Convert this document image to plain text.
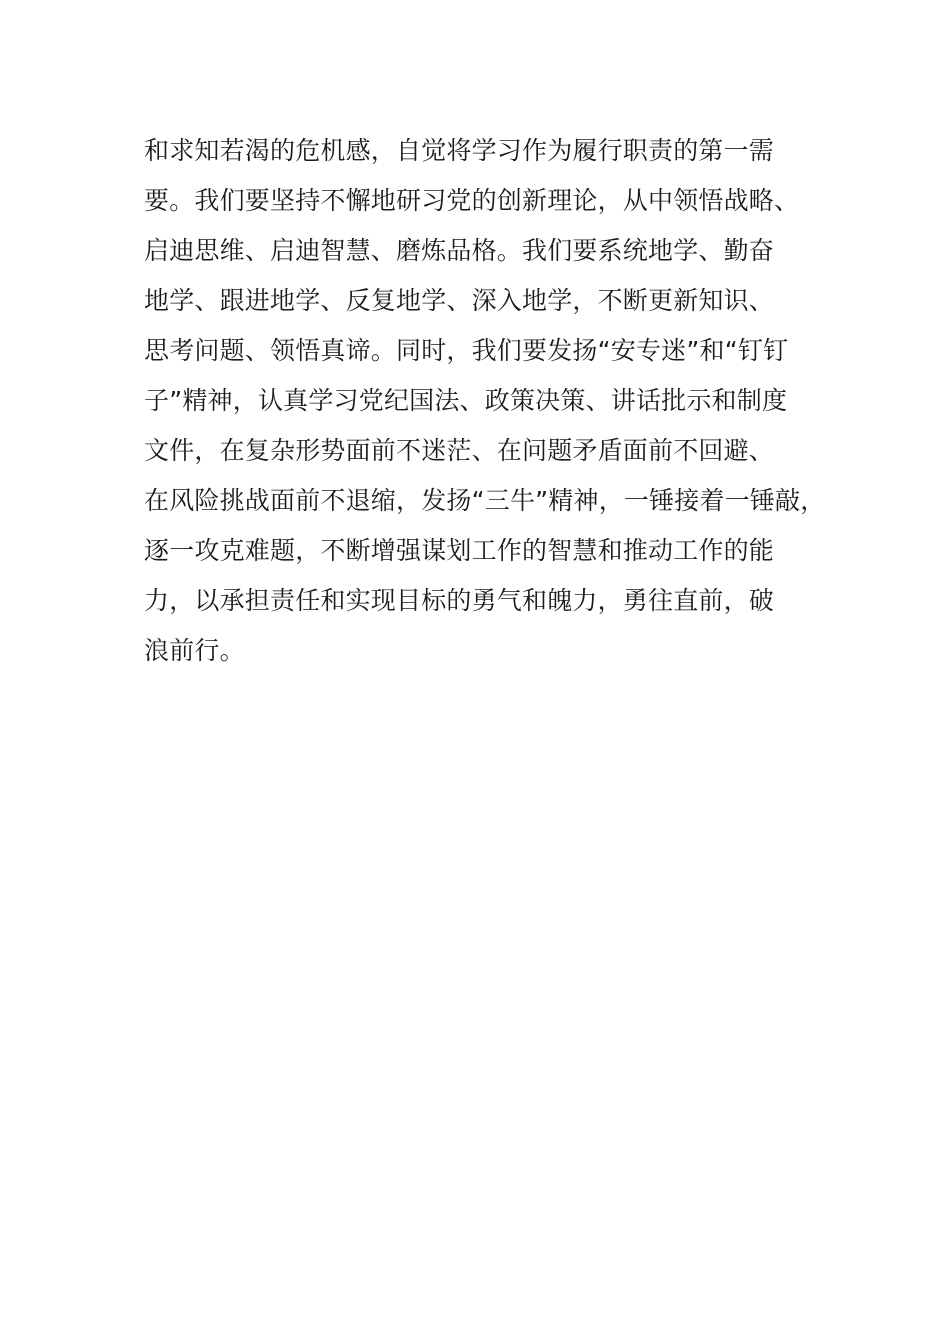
和求知若渴的危机感，自觉将学习作为履行职责的第一需
要。我们要坚持不懈地研习党的创新理论，从中领悟战略、
启迪思维、启迪智慧、磨炼品格。我们要系统地学、勤奋
地学、跟进地学、反复地学、深入地学，不断更新知识、
思考问题、领悟真谛。同时，我们要发扬“安专迷”和“钉钉
子”精神，认真学习党纪国法、政策决策、讲话批示和制度
文件，在复杂形势面前不迷茫、在问题矛盾面前不回避、
在风险挑战面前不退缩，发扬“三牛”精神，一锤接着一锤敲，
逐一攻克难题，不断增强谋划工作的智慧和推动工作的能
力，以承担责任和实现目标的勇气和魄力，勇往直前，破
浪前行。
